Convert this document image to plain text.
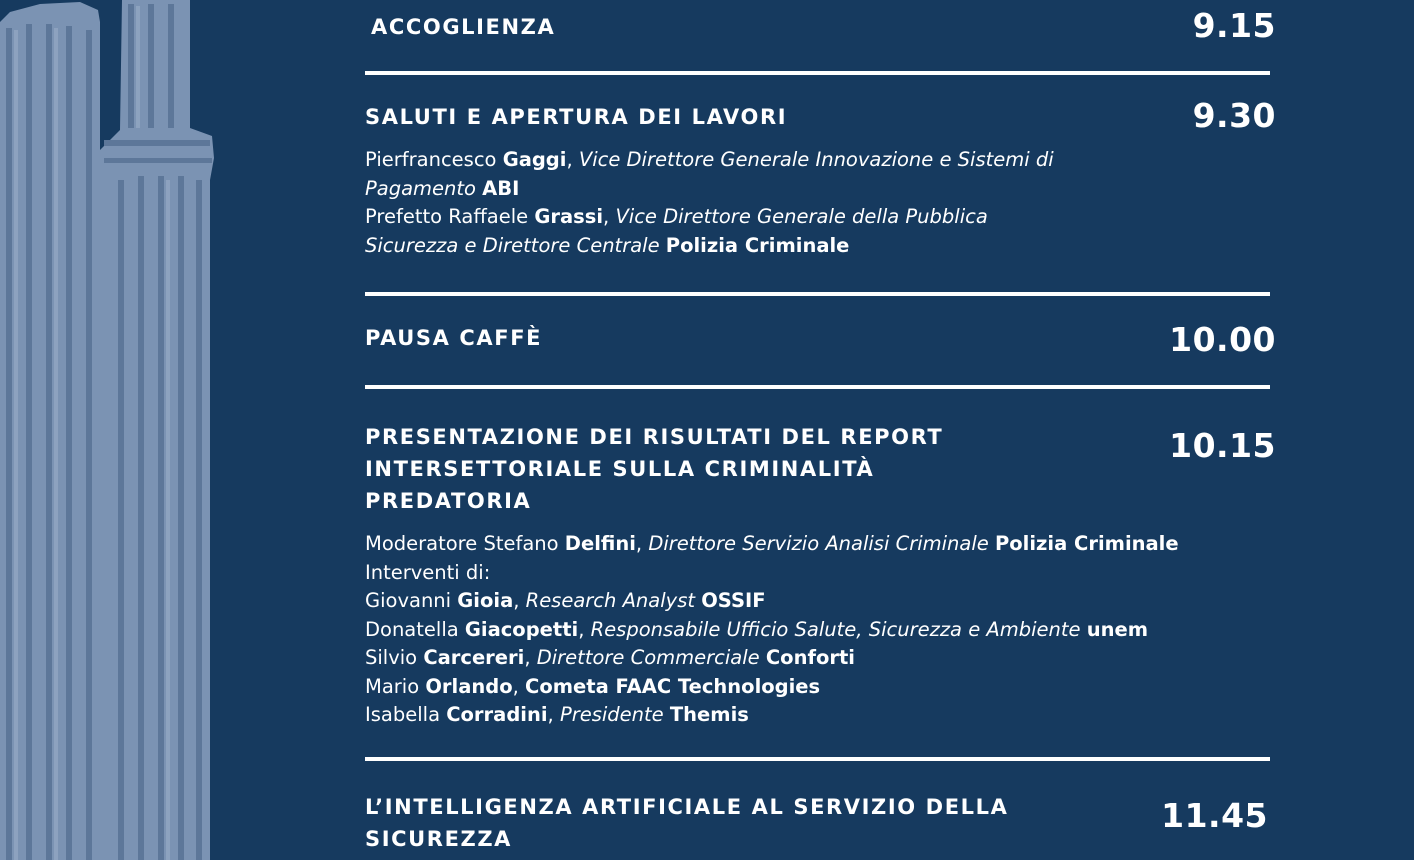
ACCOGLIENZA	9.15
SALUTI E APERTURA DEI LAVORI	9.30
Pierfrancesco Gaggi, Vice Direttore Generale Innovazione e Sistemi di
Pagamento ABI
Prefetto Raffaele Grassi, Vice Direttore Generale della Pubblica
Sicurezza e Direttore Centrale Polizia Criminale
PAUSA CAFFÈ	10.00
PRESENTAZIONE DEI RISULTATI DEL REPORT
INTERSETTORIALE SULLA CRIMINALITÀ
PREDATORIA
10.15
Moderatore Stefano Delfini, Direttore Servizio Analisi Criminale Polizia Criminale
Interventi di:
Giovanni Gioia, Research Analyst OSSIF
Donatella Giacopetti, Responsabile Ufficio Salute, Sicurezza e Ambiente unem
Silvio Carcereri, Direttore Commerciale Conforti
Mario Orlando, Cometa FAAC Technologies
Isabella Corradini, Presidente Themis
L’INTELLIGENZA ARTIFICIALE AL SERVIZIO DELLA
SICUREZZA
11.45
